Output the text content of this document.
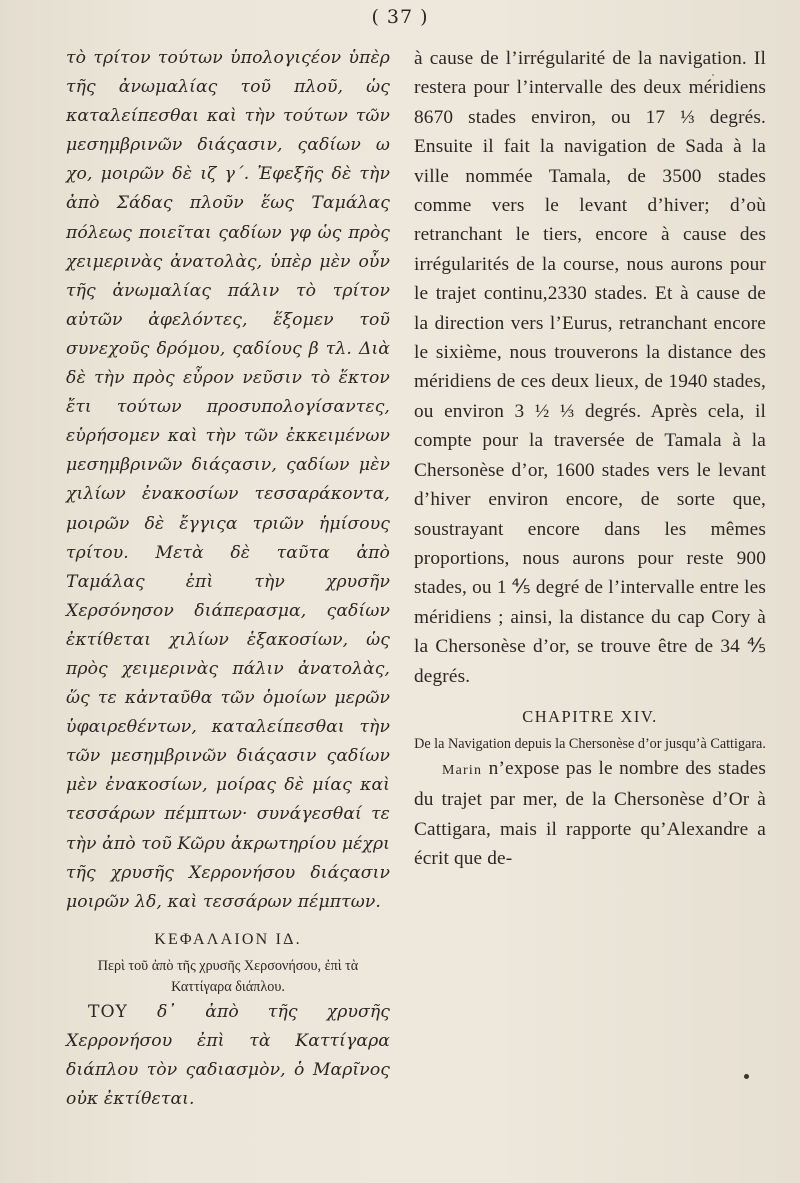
( 37 )

τὸ τρίτον τούτων ὑπολογιςέον ὑπὲρ τῆς ἀνωμαλίας τοῦ πλοῦ, ὡς καταλείπεσθαι καὶ τὴν τούτων τῶν μεσημβρινῶν διάςασιν, ςαδίων ω χο, μοιρῶν δὲ ιζ γ΄. Ἐφεξῆς δὲ τὴν ἀπὸ Σάδας πλοῦν ἕως Ταμάλας πόλεως ποιεῖται ςαδίων γφ ὡς πρὸς χειμερινὰς ἀνατολὰς, ὑπὲρ μὲν οὖν τῆς ἀνωμαλίας πάλιν τὸ τρίτον αὐτῶν ἀφελόντες, ἕξομεν τοῦ συνεχοῦς δρόμου, ςαδίους β τλ. Διὰ δὲ τὴν πρὸς εὖρον νεῦσιν τὸ ἕκτον ἔτι τούτων προσυπολογίσαντες, εὑρήσομεν καὶ τὴν τῶν ἐκκειμένων μεσημβρινῶν διάςασιν, ςαδίων μὲν χιλίων ἐνακοσίων τεσσαράκοντα, μοιρῶν δὲ ἔγγιςα τριῶν ἡμίσους τρίτου. Μετὰ δὲ ταῦτα ἀπὸ Ταμάλας ἐπὶ τὴν χρυσῆν Χερσόνησον διάπερασμα, ςαδίων ἐκτίθεται χιλίων ἑξακοσίων, ὡς πρὸς χειμερινὰς πάλιν ἀνατολὰς, ὥς τε κἀνταῦθα τῶν ὁμοίων μερῶν ὑφαιρεθέντων, καταλείπεσθαι τὴν τῶν μεσημβρινῶν διάςασιν ςαδίων μὲν ἐνακοσίων, μοίρας δὲ μίας καὶ τεσσάρων πέμπτων· συνάγεσθαί τε τὴν ἀπὸ τοῦ Κῶρυ ἀκρωτηρίου μέχρι τῆς χρυσῆς Χερρονήσου διάςασιν μοιρῶν λδ, καὶ τεσσάρων πέμπτων.

ΚΕΦΑΛΑΙΟΝ ΙΔ.
Περὶ τοῦ ἀπὸ τῆς χρυσῆς Χερσονήσου, ἐπὶ τὰ Καττίγαρα διάπλου.

ΤΟΥ δ᾽ ἀπὸ τῆς χρυσῆς Χερρονήσου ἐπὶ τὰ Καττίγαρα διάπλου τὸν ςαδιασμὸν, ὁ Μαρῖνος οὐκ ἐκτίθεται.

à cause de l’irrégularité de la navigation. Il restera pour l’intervalle des deux méridiens 8670 stades environ, ou 17 ⅓ degrés. Ensuite il fait la navigation de Sada à la ville nommée Tamala, de 3500 stades comme vers le levant d’hiver; d’où retranchant le tiers, encore à cause des irrégularités de la course, nous aurons pour le trajet continu,2330 stades. Et à cause de la direction vers l’Eurus, retranchant encore le sixième, nous trouverons la distance des méridiens de ces deux lieux, de 1940 stades, ou environ 3 ½ ⅓ degrés. Après cela, il compte pour la traversée de Tamala à la Chersonèse d’or, 1600 stades vers le levant d’hiver environ encore, de sorte que, soustrayant encore dans les mêmes proportions, nous aurons pour reste 900 stades, ou 1 ⅘ degré de l’intervalle entre les méridiens ; ainsi, la distance du cap Cory à la Chersonèse d’or, se trouve être de 34 ⅘ degrés.

CHAPITRE XIV.
De la Navigation depuis la Chersonèse d’or jusqu’à Cattigara.

Marin n’expose pas le nombre des stades du trajet par mer, de la Chersonèse d’Or à Cattigara, mais il rapporte qu’Alexandre a écrit que de-
